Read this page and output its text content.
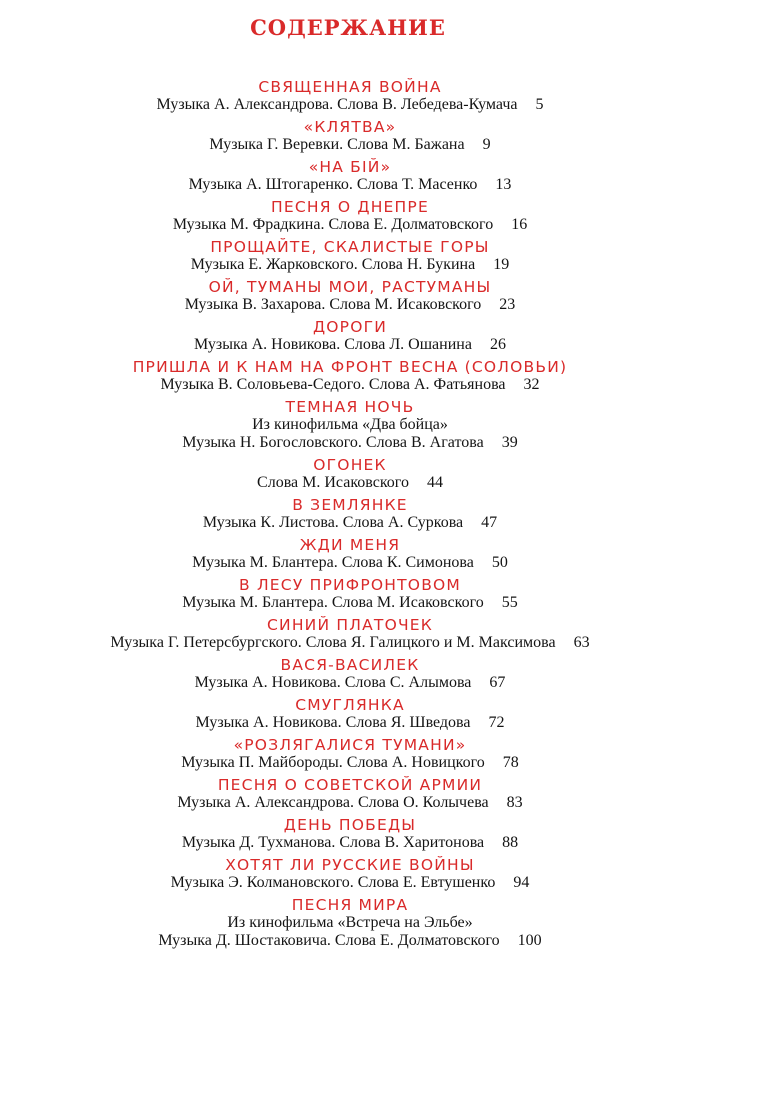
СОДЕРЖАНИЕ
СВЯЩЕННАЯ ВОЙНА
Музыка А. Александрова. Слова В. Лебедева-Кумача 5
«КЛЯТВА»
Музыка Г. Веревки. Слова М. Бажана 9
«НА БІЙ»
Музыка А. Штогаренко. Слова Т. Масенко 13
ПЕСНЯ О ДНЕПРЕ
Музыка М. Фрадкина. Слова Е. Долматовского 16
ПРОЩАЙТЕ, СКАЛИСТЫЕ ГОРЫ
Музыка Е. Жарковского. Слова Н. Букина 19
ОЙ, ТУМАНЫ МОИ, РАСТУМАНЫ
Музыка В. Захарова. Слова М. Исаковского 23
ДОРОГИ
Музыка А. Новикова. Слова Л. Ошанина 26
ПРИШЛА И К НАМ НА ФРОНТ ВЕСНА (СОЛОВЬИ)
Музыка В. Соловьева-Седого. Слова А. Фатьянова 32
ТЕМНАЯ НОЧЬ
Из кинофильма «Два бойца»
Музыка Н. Богословского. Слова В. Агатова 39
ОГОНЕК
Слова М. Исаковского 44
В ЗЕМЛЯНКЕ
Музыка К. Листова. Слова А. Суркова 47
ЖДИ МЕНЯ
Музыка М. Блантера. Слова К. Симонова 50
В ЛЕСУ ПРИФРОНТОВОМ
Музыка М. Блантера. Слова М. Исаковского 55
СИНИЙ ПЛАТОЧЕК
Музыка Г. Петерсбургского. Слова Я. Галицкого и М. Максимова 63
ВАСЯ-ВАСИЛЕК
Музыка А. Новикова. Слова С. Алымова 67
СМУГЛЯНКА
Музыка А. Новикова. Слова Я. Шведова 72
«РОЗЛЯГАЛИСЯ ТУМАНИ»
Музыка П. Майбороды. Слова А. Новицкого 78
ПЕСНЯ О СОВЕТСКОЙ АРМИИ
Музыка А. Александрова. Слова О. Колычева 83
ДЕНЬ ПОБЕДЫ
Музыка Д. Тухманова. Слова В. Харитонова 88
ХОТЯТ ЛИ РУССКИЕ ВОЙНЫ
Музыка Э. Колмановского. Слова Е. Евтушенко 94
ПЕСНЯ МИРА
Из кинофильма «Встреча на Эльбе»
Музыка Д. Шостаковича. Слова Е. Долматовского 100
